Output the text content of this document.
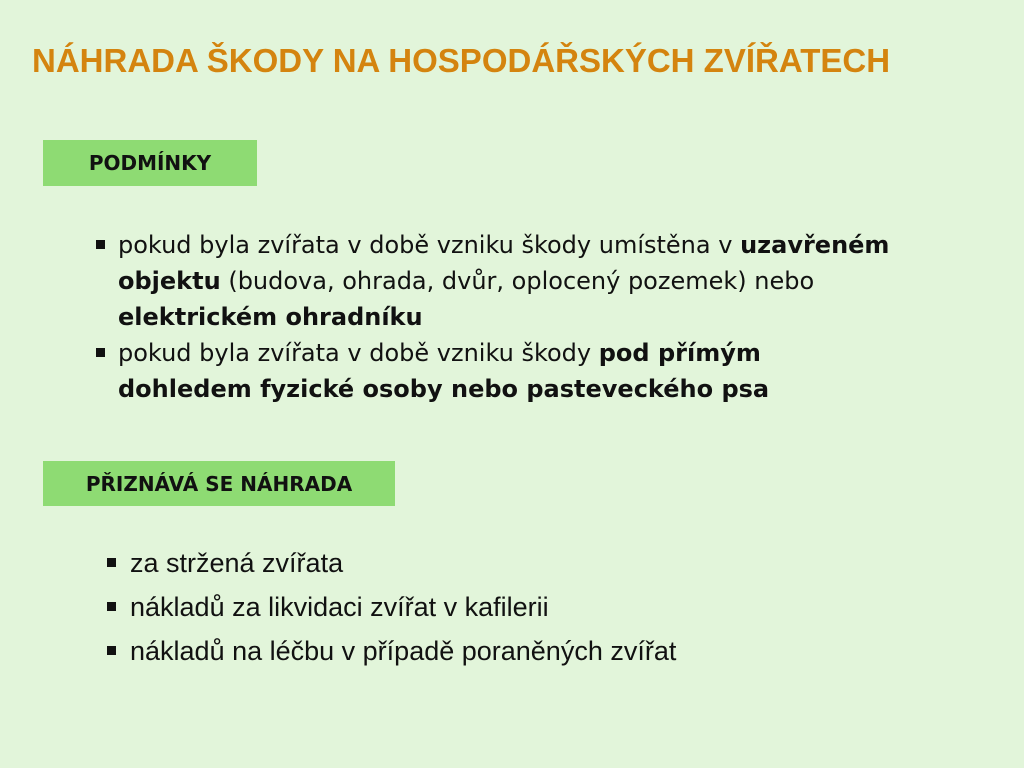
NÁHRADA ŠKODY NA HOSPODÁŘSKÝCH ZVÍŘATECH
PODMÍNKY
pokud byla zvířata v době vzniku škody umístěna v uzavřeném objektu (budova, ohrada, dvůr, oplocený pozemek) nebo elektrickém ohradníku
pokud byla zvířata v době vzniku škody pod přímým dohledem fyzické osoby nebo pasteveckého psa
PŘIZNÁVÁ SE NÁHRADA
za stržená zvířata
nákladů za likvidaci zvířat v kafilerii
nákladů na léčbu v případě poraněných zvířat
